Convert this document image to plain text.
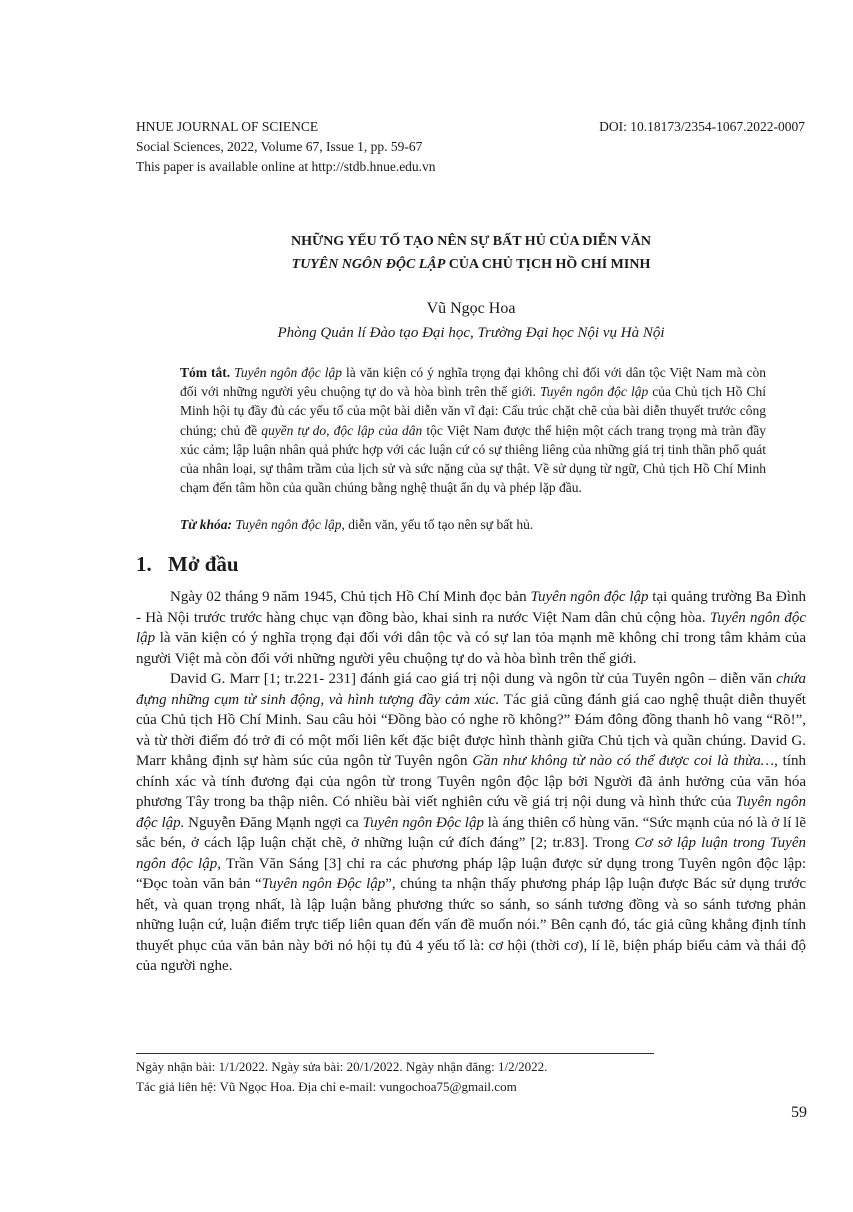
HNUE JOURNAL OF SCIENCE
Social Sciences, 2022, Volume 67, Issue 1, pp. 59-67
This paper is available online at http://stdb.hnue.edu.vn
DOI: 10.18173/2354-1067.2022-0007
NHỮNG YẾU TỐ TẠO NÊN SỰ BẤT HỦ CỦA DIỄN VĂN
TUYÊN NGÔN ĐỘC LẬP CỦA CHỦ TỊCH HỒ CHÍ MINH
Vũ Ngọc Hoa
Phòng Quản lí Đào tạo Đại học, Trường Đại học Nội vụ Hà Nội

Tóm tắt. Tuyên ngôn độc lập là văn kiện có ý nghĩa trọng đại không chỉ đối với dân tộc Việt Nam mà còn đối với những người yêu chuộng tự do và hòa bình trên thế giới. Tuyên ngôn độc lập của Chủ tịch Hồ Chí Minh hội tụ đầy đủ các yếu tố của một bài diễn văn vĩ đại: Cấu trúc chặt chẽ của bài diễn thuyết trước công chúng; chủ đề quyền tự do, độc lập của dân tộc Việt Nam được thể hiện một cách trang trọng mà tràn đầy xúc cảm; lập luận nhân quả phức hợp với các luận cứ có sự thiêng liêng của những giá trị tinh thần phổ quát của nhân loại, sự thâm trầm của lịch sử và sức nặng của sự thật. Về sử dụng từ ngữ, Chủ tịch Hồ Chí Minh chạm đến tâm hồn của quần chúng bằng nghệ thuật ẩn dụ và phép lặp đầu.

Từ khóa: Tuyên ngôn độc lập, diễn văn, yếu tố tạo nên sự bất hủ.

1. Mở đầu

Ngày 02 tháng 9 năm 1945, Chủ tịch Hồ Chí Minh đọc bản Tuyên ngôn độc lập tại quảng trường Ba Đình - Hà Nội trước trước hàng chục vạn đồng bào, khai sinh ra nước Việt Nam dân chủ cộng hòa. Tuyên ngôn độc lập là văn kiện có ý nghĩa trọng đại đối với dân tộc và có sự lan tỏa mạnh mẽ không chỉ trong tâm khảm của người Việt mà còn đối với những người yêu chuộng tự do và hòa bình trên thế giới.

David G. Marr [1; tr.221- 231] đánh giá cao giá trị nội dung và ngôn từ của Tuyên ngôn – diễn văn chứa đựng những cụm từ sinh động, và hình tượng đầy cảm xúc. Tác giả cũng đánh giá cao nghệ thuật diễn thuyết của Chủ tịch Hồ Chí Minh. Sau câu hỏi “Đồng bào có nghe rõ không?” Đám đông đồng thanh hô vang “Rõ!”, và từ thời điểm đó trở đi có một mối liên kết đặc biệt được hình thành giữa Chủ tịch và quần chúng. David G. Marr khẳng định sự hàm súc của ngôn từ Tuyên ngôn Gần như không từ nào có thể được coi là thừa…, tính chính xác và tính đương đại của ngôn từ trong Tuyên ngôn độc lập bởi Người đã ảnh hưởng của văn hóa phương Tây trong ba thập niên. Có nhiều bài viết nghiên cứu về giá trị nội dung và hình thức của Tuyên ngôn độc lập. Nguyễn Đăng Mạnh ngợi ca Tuyên ngôn Độc lập là áng thiên cổ hùng văn. “Sức mạnh của nó là ở lí lẽ sắc bén, ở cách lập luận chặt chẽ, ở những luận cứ đích đáng” [2; tr.83]. Trong Cơ sở lập luận trong Tuyên ngôn độc lập, Trần Văn Sáng [3] chỉ ra các phương pháp lập luận được sử dụng trong Tuyên ngôn độc lập: “Đọc toàn văn bản “Tuyên ngôn Độc lập”, chúng ta nhận thấy phương pháp lập luận được Bác sử dụng trước hết, và quan trọng nhất, là lập luận bằng phương thức so sánh, so sánh tương đồng và so sánh tương phản những luận cứ, luận điểm trực tiếp liên quan đến vấn đề muốn nói.” Bên cạnh đó, tác giả cũng khẳng định tính thuyết phục của văn bản này bởi nó hội tụ đủ 4 yếu tố là: cơ hội (thời cơ), lí lẽ, biện pháp biểu cảm và thái độ của người nghe.

Ngày nhận bài: 1/1/2022. Ngày sửa bài: 20/1/2022. Ngày nhận đăng: 1/2/2022.
Tác giả liên hệ: Vũ Ngọc Hoa. Địa chỉ e-mail: vungochoa75@gmail.com
59
